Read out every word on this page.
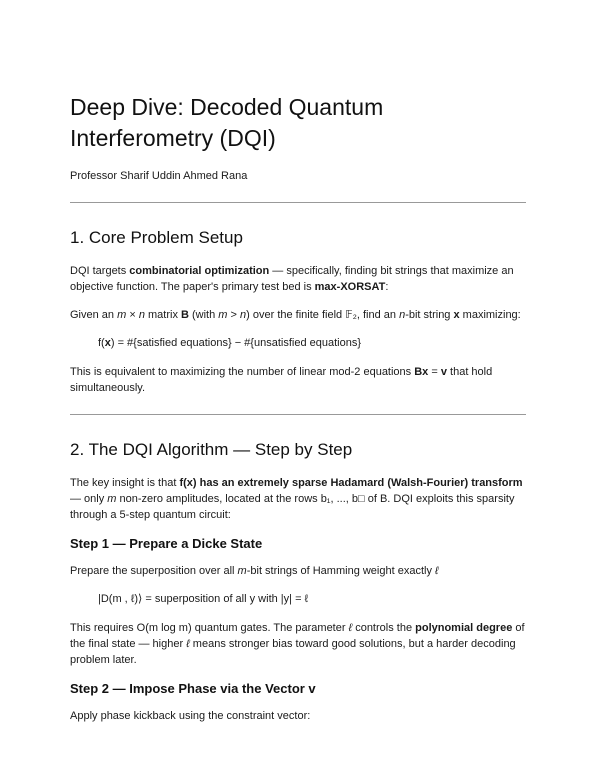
Deep Dive: Decoded Quantum Interferometry (DQI)
Professor Sharif Uddin Ahmed Rana
1. Core Problem Setup

DQI targets combinatorial optimization — specifically, finding bit strings that maximize an objective function. The paper's primary test bed is max-XORSAT:

Given an m × n matrix B (with m > n) over the finite field 𝔽₂, find an n-bit string x maximizing:

f(x) = #{satisfied equations} − #{unsatisfied equations}

This is equivalent to maximizing the number of linear mod-2 equations Bx = v that hold simultaneously.

2. The DQI Algorithm — Step by Step

The key insight is that f(x) has an extremely sparse Hadamard (Walsh-Fourier) transform — only m non-zero amplitudes, located at the rows b₁, ..., b□ of B. DQI exploits this sparsity through a 5-step quantum circuit:

Step 1 — Prepare a Dicke State

Prepare the superposition over all m-bit strings of Hamming weight exactly ℓ

|D(m , ℓ)⟩ = superposition of all y with |y| = ℓ

This requires O(m log m) quantum gates. The parameter ℓ controls the polynomial degree of the final state — higher ℓ means stronger bias toward good solutions, but a harder decoding problem later.

Step 2 — Impose Phase via the Vector v

Apply phase kickback using the constraint vector:
